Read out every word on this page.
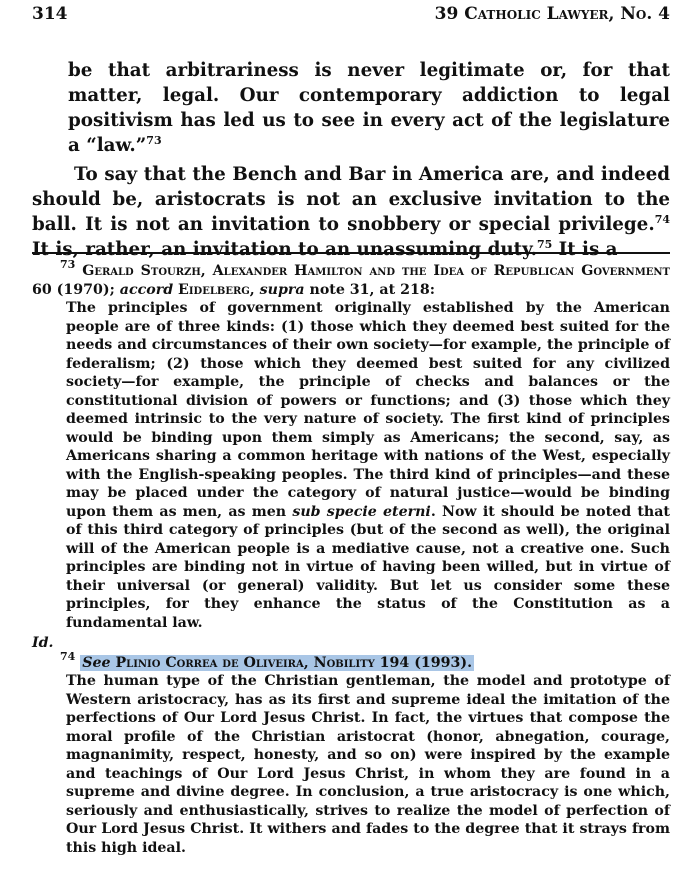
314	39 Catholic Lawyer, No. 4

be that arbitrariness is never legitimate or, for that matter, legal. Our contemporary addiction to legal positivism has led us to see in every act of the legislature a “law.”$^{73}$

To say that the Bench and Bar in America are, and indeed should be, aristocrats is not an exclusive invitation to the ball. It is not an invitation to snobbery or special privilege.$^{74}$ It is, rather, an invitation to an unassuming duty.$^{75}$ It is a

$^{73}$ Gerald Stourzh, Alexander Hamilton and the Idea of Republican Government 60 (1970); accord Eidelberg, supra note 31, at 218:

The principles of government originally established by the American people are of three kinds: (1) those which they deemed best suited for the needs and circumstances of their own society—for example, the principle of federalism; (2) those which they deemed best suited for any civilized society—for example, the principle of checks and balances or the constitutional division of powers or functions; and (3) those which they deemed intrinsic to the very nature of society. The first kind of principles would be binding upon them simply as Americans; the second, say, as Americans sharing a common heritage with nations of the West, especially with the English-speaking peoples. The third kind of principles—and these may be placed under the category of natural justice—would be binding upon them as men, as men sub specie eterni. Now it should be noted that of this third category of principles (but of the second as well), the original will of the American people is a mediative cause, not a creative one. Such principles are binding not in virtue of having been willed, but in virtue of their universal (or general) validity. But let us consider some these principles, for they enhance the status of the Constitution as a fundamental law.

Id.

$^{74}$ See Plinio Correa de Oliveira, Nobility 194 (1993).

The human type of the Christian gentleman, the model and prototype of Western aristocracy, has as its first and supreme ideal the imitation of the perfections of Our Lord Jesus Christ. In fact, the virtues that compose the moral profile of the Christian aristocrat (honor, abnegation, courage, magnanimity, respect, honesty, and so on) were inspired by the example and teachings of Our Lord Jesus Christ, in whom they are found in a supreme and divine degree. In conclusion, a true aristocracy is one which, seriously and enthusiastically, strives to realize the model of perfection of Our Lord Jesus Christ. It withers and fades to the degree that it strays from this high ideal.
